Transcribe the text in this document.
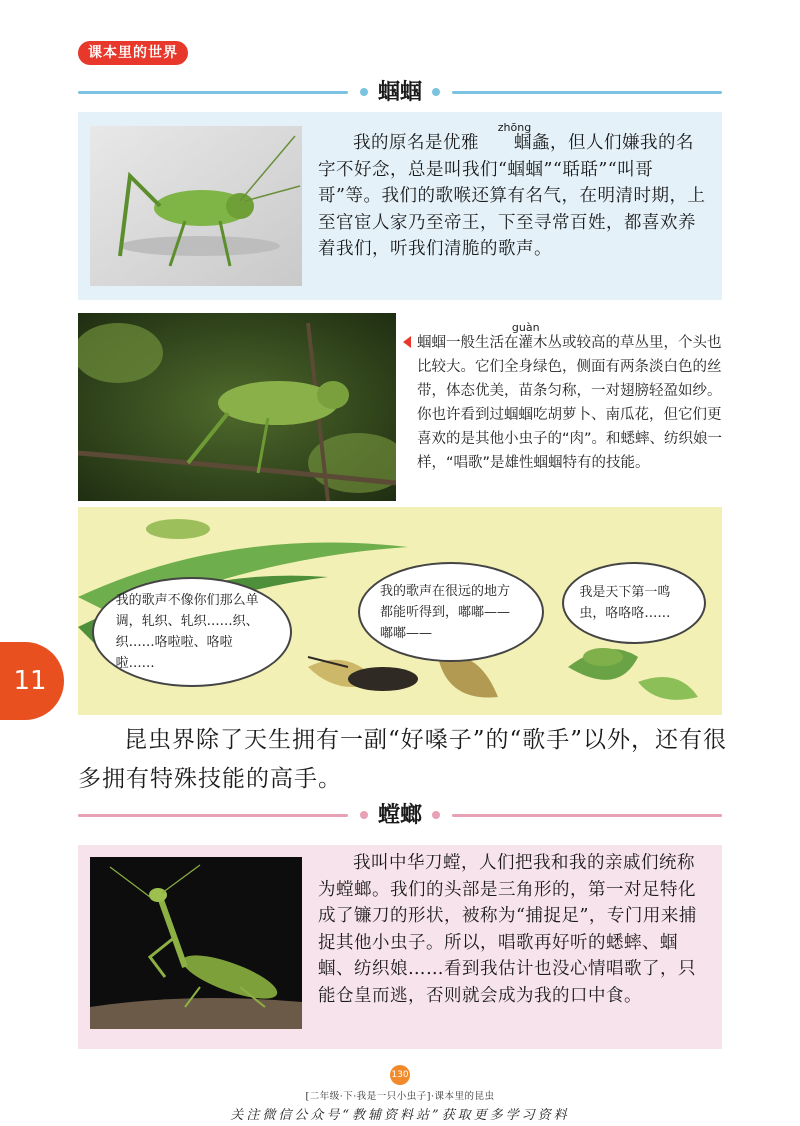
课本里的世界
蝈蝈

我的原名是优雅
zhōng
蝈螽，但人们嫌我的名字不好念，总是叫我们“蝈蝈”“聒聒”“叫哥哥”等。我们的歌喉还算有名气，在明清时期，上至官宦人家乃至帝王，下至寻常百姓，都喜欢养着我们，听我们清脆的歌声。

蝈蝈一般生活在
guàn
灌木丛或较高的草丛里，个头也比较大。它们全身绿色，侧面有两条淡白色的丝带，体态优美，苗条匀称，一对翅膀轻盈如纱。你也许看到过蝈蝈吃胡萝卜、南瓜花，但它们更喜欢的是其他小虫子的“肉”。和蟋蟀、纺织娘一样，“唱歌”是雄性蝈蝈特有的技能。
我的歌声不像你们那么单调，轧织、轧织……织、织……咯啦啦、咯啦啦……
我的歌声在很远的地方都能听得到，嘟嘟——嘟嘟——
我是天下第一鸣虫，咯咯咯……

昆虫界除了天生拥有一副“好嗓子”的“歌手”以外，还有很多拥有特殊技能的高手。

螳螂

我叫中华刀螳，人们把我和我的亲戚们统称为螳螂。我们的头部是三角形的，第一对足特化成了镰刀的形状，被称为“捕捉足”，专门用来捕捉其他小虫子。所以，唱歌再好听的蟋蟀、蝈蝈、纺织娘……看到我估计也没心情唱歌了，只能仓皇而逃，否则就会成为我的口中食。

11
130
[二年级·下·我是一只小虫子]·课本里的昆虫
关注微信公众号“教辅资料站”获取更多学习资料
